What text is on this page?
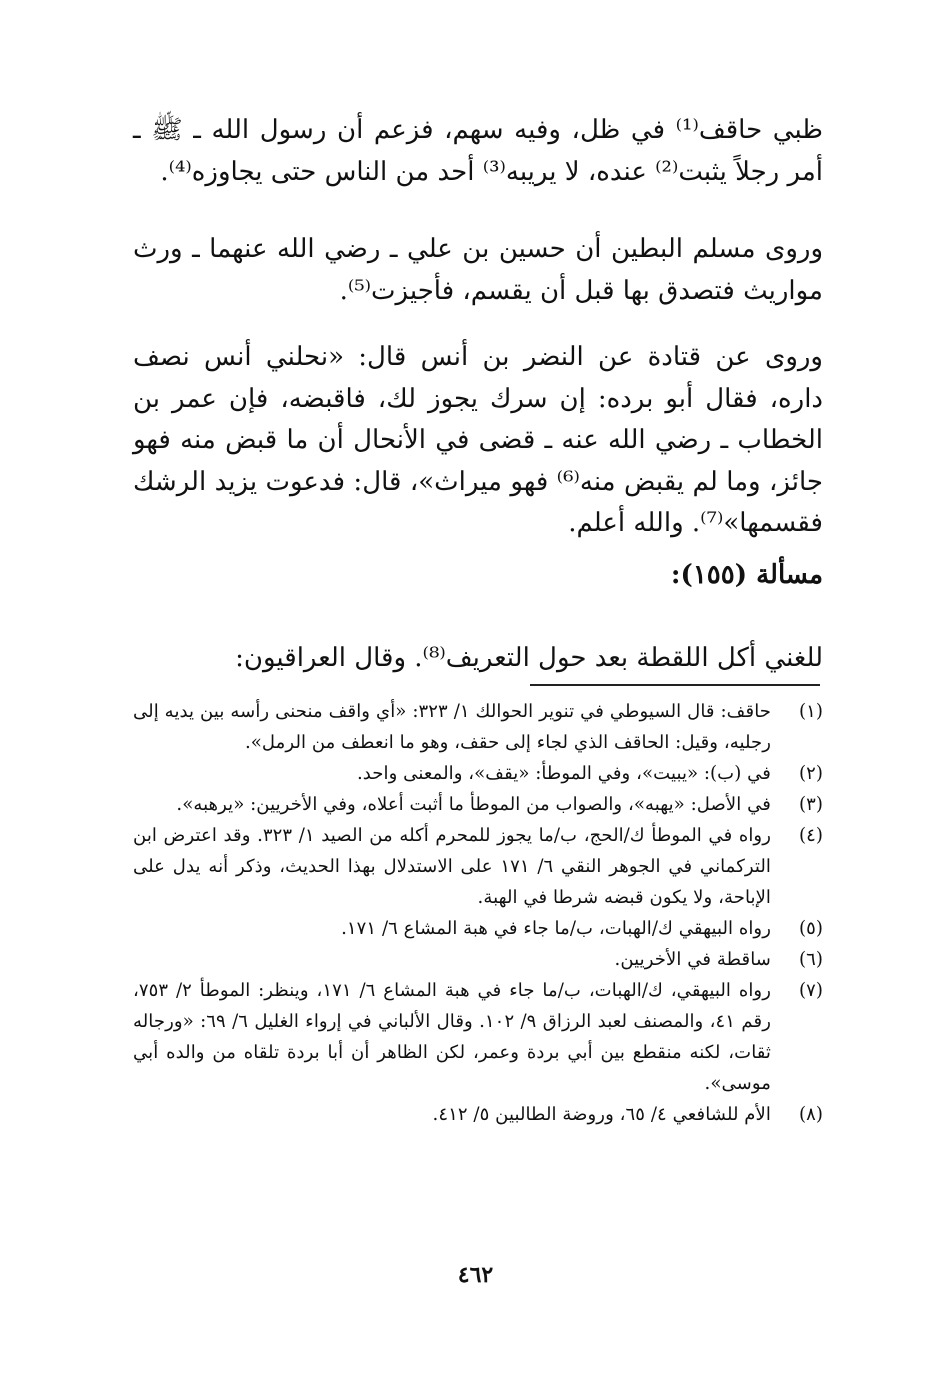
ظبي حاقف⁽¹⁾ في ظل، وفيه سهم، فزعم أن رسول الله ـ ﷺ ـ أمر رجلاً يثبت⁽²⁾ عنده، لا يريبه⁽³⁾ أحد من الناس حتى يجاوزه⁽⁴⁾.

وروى مسلم البطين أن حسين بن علي ـ رضي الله عنهما ـ ورث مواريث فتصدق بها قبل أن يقسم، فأجيزت⁽⁵⁾.

وروى عن قتادة عن النضر بن أنس قال: «نحلني أنس نصف داره، فقال أبو برده: إن سرك يجوز لك، فاقبضه، فإن عمر بن الخطاب ـ رضي الله عنه ـ قضى في الأنحال أن ما قبض منه فهو جائز، وما لم يقبض منه⁽⁶⁾ فهو ميراث»، قال: فدعوت يزيد الرشك فقسمها»⁽⁷⁾. والله أعلم.

مسألة (١٥٥):

للغني أكل اللقطة بعد حول التعريف⁽⁸⁾. وقال العراقيون:

(١)
حاقف: قال السيوطي في تنوير الحوالك ١/ ٣٢٣: «أي واقف منحنى رأسه بين يديه إلى رجليه، وقيل: الحاقف الذي لجاء إلى حقف، وهو ما انعطف من الرمل».
(٢)
في (ب): «يبيت»، وفي الموطأ: «يقف»، والمعنى واحد.
(٣)
في الأصل: «يهبه»، والصواب من الموطأ ما أثبت أعلاه، وفي الأخريين: «يرهبه».
(٤)
رواه في الموطأ ك/الحج، ب/ما يجوز للمحرم أكله من الصيد ١/ ٣٢٣. وقد اعترض ابن التركماني في الجوهر النقي ٦/ ١٧١ على الاستدلال بهذا الحديث، وذكر أنه يدل على الإباحة، ولا يكون قبضه شرطا في الهبة.
(٥)
رواه البيهقي ك/الهبات، ب/ما جاء في هبة المشاع ٦/ ١٧١.
(٦)
ساقطة في الأخريين.
(٧)
رواه البيهقي، ك/الهبات، ب/ما جاء في هبة المشاع ٦/ ١٧١، وينظر: الموطأ ٢/ ٧٥٣، رقم ٤١، والمصنف لعبد الرزاق ٩/ ١٠٢. وقال الألباني في إرواء الغليل ٦/ ٦٩: «ورجاله ثقات، لكنه منقطع بين أبي بردة وعمر، لكن الظاهر أن أبا بردة تلقاه من والده أبي موسى».
(٨)
الأم للشافعي ٤/ ٦٥، وروضة الطالبين ٥/ ٤١٢.
٤٦٢
